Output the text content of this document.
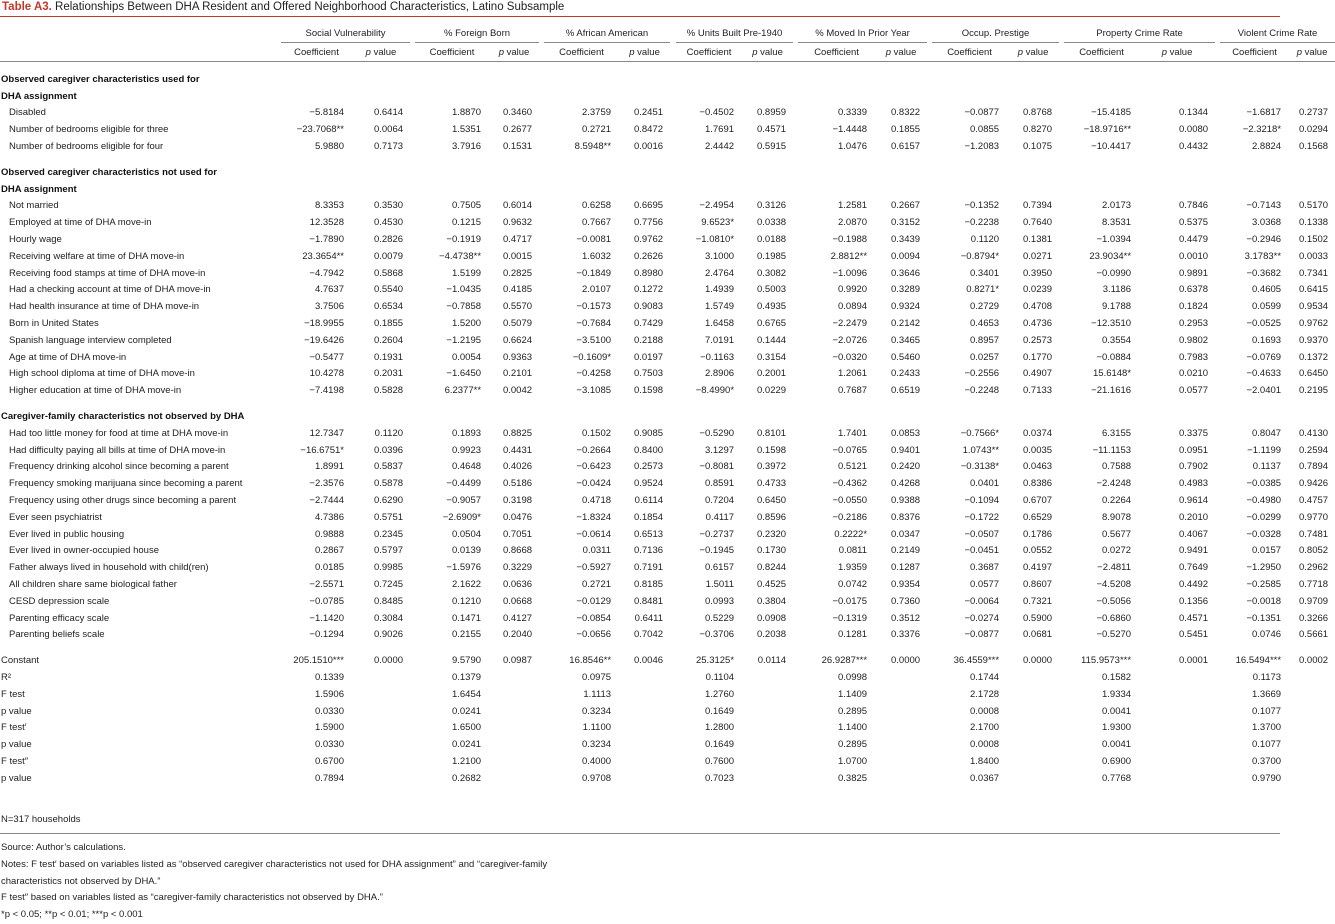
Table A3. Relationships Between DHA Resident and Offered Neighborhood Characteristics, Latino Subsample
	Social Vulnerability			% Foreign Born			% African American			% Units Built Pre-1940			% Moved In Prior Year			Occup. Prestige			Property Crime Rate			Violent Crime Rate	
	Coefficient	p value		Coefficient	p value		Coefficient	p value		Coefficient	p value		Coefficient	p value		Coefficient	p value		Coefficient	p value		Coefficient	p value

Observed caregiver characteristics used for																							
DHA assignment																							
Disabled	−5.8184	0.6414		1.8870	0.3460		2.3759	0.2451		−0.4502	0.8959		0.3339	0.8322		−0.0877	0.8768		−15.4185	0.1344		−1.6817	0.2737
Number of bedrooms eligible for three	−23.7068**	0.0064		1.5351	0.2677		0.2721	0.8472		1.7691	0.4571		−1.4448	0.1855		0.0855	0.8270		−18.9716**	0.0080		−2.3218*	0.0294
Number of bedrooms eligible for four	5.9880	0.7173		3.7916	0.1531		8.5948**	0.0016		2.4442	0.5915		1.0476	0.6157		−1.2083	0.1075		−10.4417	0.4432		2.8824	0.1568

Observed caregiver characteristics not used for																							
DHA assignment																							
Not married	8.3353	0.3530		0.7505	0.6014		0.6258	0.6695		−2.4954	0.3126		1.2581	0.2667		−0.1352	0.7394		2.0173	0.7846		−0.7143	0.5170
Employed at time of DHA move-in	12.3528	0.4530		0.1215	0.9632		0.7667	0.7756		9.6523*	0.0338		2.0870	0.3152		−0.2238	0.7640		8.3531	0.5375		3.0368	0.1338
Hourly wage	−1.7890	0.2826		−0.1919	0.4717		−0.0081	0.9762		−1.0810*	0.0188		−0.1988	0.3439		0.1120	0.1381		−1.0394	0.4479		−0.2946	0.1502
Receiving welfare at time of DHA move-in	23.3654**	0.0079		−4.4738**	0.0015		1.6032	0.2626		3.1000	0.1985		2.8812**	0.0094		−0.8794*	0.0271		23.9034**	0.0010		3.1783**	0.0033
Receiving food stamps at time of DHA move-in	−4.7942	0.5868		1.5199	0.2825		−0.1849	0.8980		2.4764	0.3082		−1.0096	0.3646		0.3401	0.3950		−0.0990	0.9891		−0.3682	0.7341
Had a checking account at time of DHA move-in	4.7637	0.5540		−1.0435	0.4185		2.0107	0.1272		1.4939	0.5003		0.9920	0.3289		0.8271*	0.0239		3.1186	0.6378		0.4605	0.6415
Had health insurance at time of DHA move-in	3.7506	0.6534		−0.7858	0.5570		−0.1573	0.9083		1.5749	0.4935		0.0894	0.9324		0.2729	0.4708		9.1788	0.1824		0.0599	0.9534
Born in United States	−18.9955	0.1855		1.5200	0.5079		−0.7684	0.7429		1.6458	0.6765		−2.2479	0.2142		0.4653	0.4736		−12.3510	0.2953		−0.0525	0.9762
Spanish language interview completed	−19.6426	0.2604		−1.2195	0.6624		−3.5100	0.2188		7.0191	0.1444		−2.0726	0.3465		0.8957	0.2573		0.3554	0.9802		0.1693	0.9370
Age at time of DHA move-in	−0.5477	0.1931		0.0054	0.9363		−0.1609*	0.0197		−0.1163	0.3154		−0.0320	0.5460		0.0257	0.1770		−0.0884	0.7983		−0.0769	0.1372
High school diploma at time of DHA move-in	10.4278	0.2031		−1.6450	0.2101		−0.4258	0.7503		2.8906	0.2001		1.2061	0.2433		−0.2556	0.4907		15.6148*	0.0210		−0.4633	0.6450
Higher education at time of DHA move-in	−7.4198	0.5828		6.2377**	0.0042		−3.1085	0.1598		−8.4990*	0.0229		0.7687	0.6519		−0.2248	0.7133		−21.1616	0.0577		−2.0401	0.2195

Caregiver-family characteristics not observed by DHA																							
Had too little money for food at time at DHA move-in	12.7347	0.1120		0.1893	0.8825		0.1502	0.9085		−0.5290	0.8101		1.7401	0.0853		−0.7566*	0.0374		6.3155	0.3375		0.8047	0.4130
Had difficulty paying all bills at time of DHA move-in	−16.6751*	0.0396		0.9923	0.4431		−0.2664	0.8400		3.1297	0.1598		−0.0765	0.9401		1.0743**	0.0035		−11.1153	0.0951		−1.1199	0.2594
Frequency drinking alcohol since becoming a parent	1.8991	0.5837		0.4648	0.4026		−0.6423	0.2573		−0.8081	0.3972		0.5121	0.2420		−0.3138*	0.0463		0.7588	0.7902		0.1137	0.7894
Frequency smoking marijuana since becoming a parent	−2.3576	0.5878		−0.4499	0.5186		−0.0424	0.9524		0.8591	0.4733		−0.4362	0.4268		0.0401	0.8386		−2.4248	0.4983		−0.0385	0.9426
Frequency using other drugs since becoming a parent	−2.7444	0.6290		−0.9057	0.3198		0.4718	0.6114		0.7204	0.6450		−0.0550	0.9388		−0.1094	0.6707		0.2264	0.9614		−0.4980	0.4757
Ever seen psychiatrist	4.7386	0.5751		−2.6909*	0.0476		−1.8324	0.1854		0.4117	0.8596		−0.2186	0.8376		−0.1722	0.6529		8.9078	0.2010		−0.0299	0.9770
Ever lived in public housing	0.9888	0.2345		0.0504	0.7051		−0.0614	0.6513		−0.2737	0.2320		0.2222*	0.0347		−0.0507	0.1786		0.5677	0.4067		−0.0328	0.7481
Ever lived in owner-occupied house	0.2867	0.5797		0.0139	0.8668		0.0311	0.7136		−0.1945	0.1730		0.0811	0.2149		−0.0451	0.0552		0.0272	0.9491		0.0157	0.8052
Father always lived in household with child(ren)	0.0185	0.9985		−1.5976	0.3229		−0.5927	0.7191		0.6157	0.8244		1.9359	0.1287		0.3687	0.4197		−2.4811	0.7649		−1.2950	0.2962
All children share same biological father	−2.5571	0.7245		2.1622	0.0636		0.2721	0.8185		1.5011	0.4525		0.0742	0.9354		0.0577	0.8607		−4.5208	0.4492		−0.2585	0.7718
CESD depression scale	−0.0785	0.8485		0.1210	0.0668		−0.0129	0.8481		0.0993	0.3804		−0.0175	0.7360		−0.0064	0.7321		−0.5056	0.1356		−0.0018	0.9709
Parenting efficacy scale	−1.1420	0.3084		0.1471	0.4127		−0.0854	0.6411		0.5229	0.0908		−0.1319	0.3512		−0.0274	0.5900		−0.6860	0.4571		−0.1351	0.3266
Parenting beliefs scale	−0.1294	0.9026		0.2155	0.2040		−0.0656	0.7042		−0.3706	0.2038		0.1281	0.3376		−0.0877	0.0681		−0.5270	0.5451		0.0746	0.5661

Constant	205.1510***	0.0000		9.5790	0.0987		16.8546**	0.0046		25.3125*	0.0114		26.9287***	0.0000		36.4559***	0.0000		115.9573***	0.0001		16.5494***	0.0002
R²	0.1339			0.1379			0.0975			0.1104			0.0998			0.1744			0.1582			0.1173	
F test	1.5906			1.6454			1.1113			1.2760			1.1409			2.1728			1.9334			1.3669	
p value	0.0330			0.0241			0.3234			0.1649			0.2895			0.0008			0.0041			0.1077	
F test′	1.5900			1.6500			1.1100			1.2800			1.1400			2.1700			1.9300			1.3700	
p value	0.0330			0.0241			0.3234			0.1649			0.2895			0.0008			0.0041			0.1077	
F test″	0.6700			1.2100			0.4000			0.7600			1.0700			1.8400			0.6900			0.3700	
p value	0.7894			0.2682			0.9708			0.7023			0.3825			0.0367			0.7768			0.9790	
N=317 households
Source: Author’s calculations.
Notes: F test′ based on variables listed as “observed caregiver characteristics not used for DHA assignment” and “caregiver-family
characteristics not observed by DHA.”
F test″ based on variables listed as “caregiver-family characteristics not observed by DHA.”
*p < 0.05; **p < 0.01; ***p < 0.001
